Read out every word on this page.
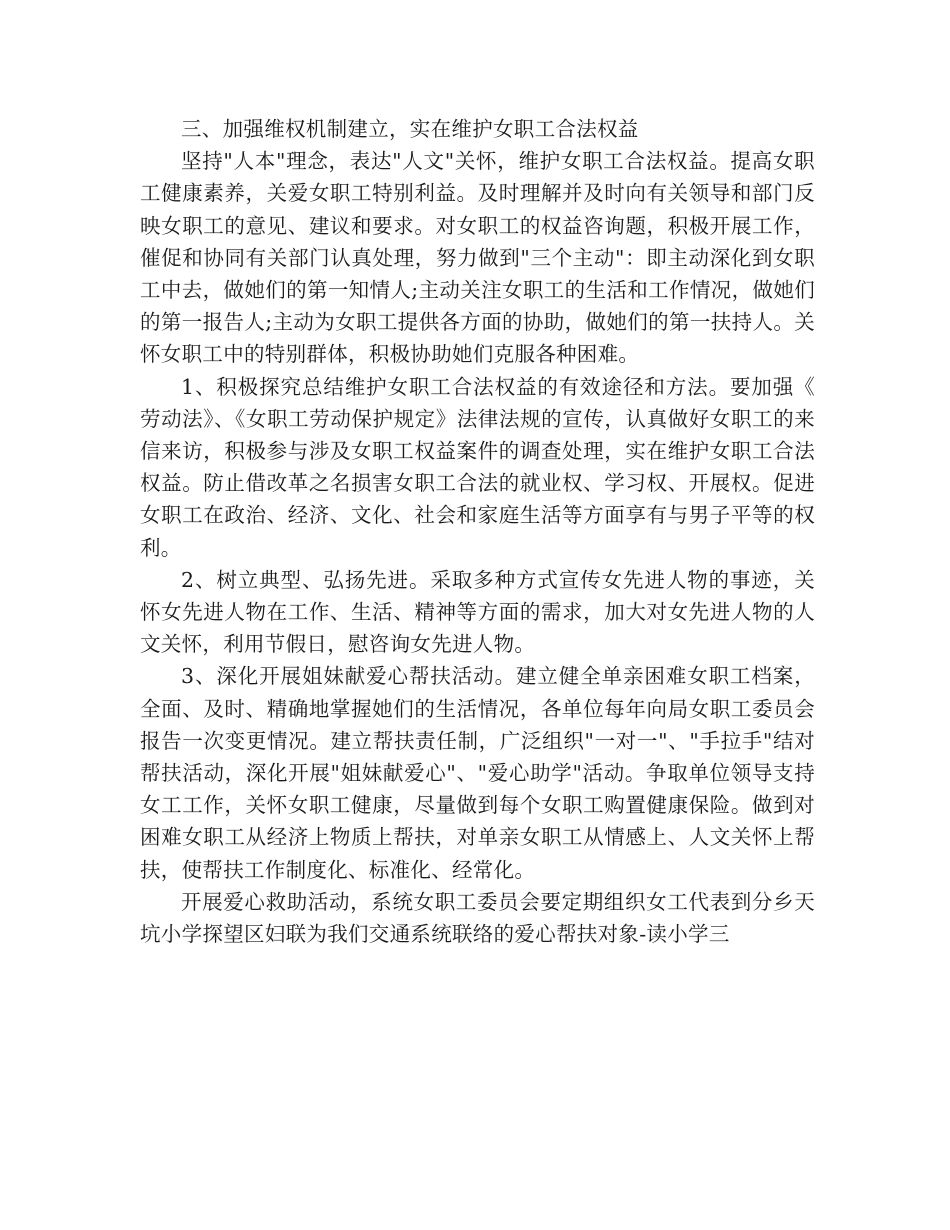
三、加强维权机制建立，实在维护女职工合法权益

坚持"人本"理念，表达"人文"关怀，维护女职工合法权益。提高女职工健康素养，关爱女职工特别利益。及时理解并及时向有关领导和部门反映女职工的意见、建议和要求。对女职工的权益咨询题，积极开展工作，催促和协同有关部门认真处理，努力做到"三个主动"：即主动深化到女职工中去，做她们的第一知情人;主动关注女职工的生活和工作情况，做她们的第一报告人;主动为女职工提供各方面的协助，做她们的第一扶持人。关怀女职工中的特别群体，积极协助她们克服各种困难。

1、积极探究总结维护女职工合法权益的有效途径和方法。要加强《劳动法》、《女职工劳动保护规定》法律法规的宣传，认真做好女职工的来信来访，积极参与涉及女职工权益案件的调查处理，实在维护女职工合法权益。防止借改革之名损害女职工合法的就业权、学习权、开展权。促进女职工在政治、经济、文化、社会和家庭生活等方面享有与男子平等的权利。

2、树立典型、弘扬先进。采取多种方式宣传女先进人物的事迹，关怀女先进人物在工作、生活、精神等方面的需求，加大对女先进人物的人文关怀，利用节假日，慰咨询女先进人物。

3、深化开展姐妹献爱心帮扶活动。建立健全单亲困难女职工档案，全面、及时、精确地掌握她们的生活情况，各单位每年向局女职工委员会报告一次变更情况。建立帮扶责任制，广泛组织"一对一"、"手拉手"结对帮扶活动，深化开展"姐妹献爱心"、"爱心助学"活动。争取单位领导支持女工工作，关怀女职工健康，尽量做到每个女职工购置健康保险。做到对困难女职工从经济上物质上帮扶，对单亲女职工从情感上、人文关怀上帮扶，使帮扶工作制度化、标准化、经常化。

开展爱心救助活动，系统女职工委员会要定期组织女工代表到分乡天坑小学探望区妇联为我们交通系统联络的爱心帮扶对象-读小学三
